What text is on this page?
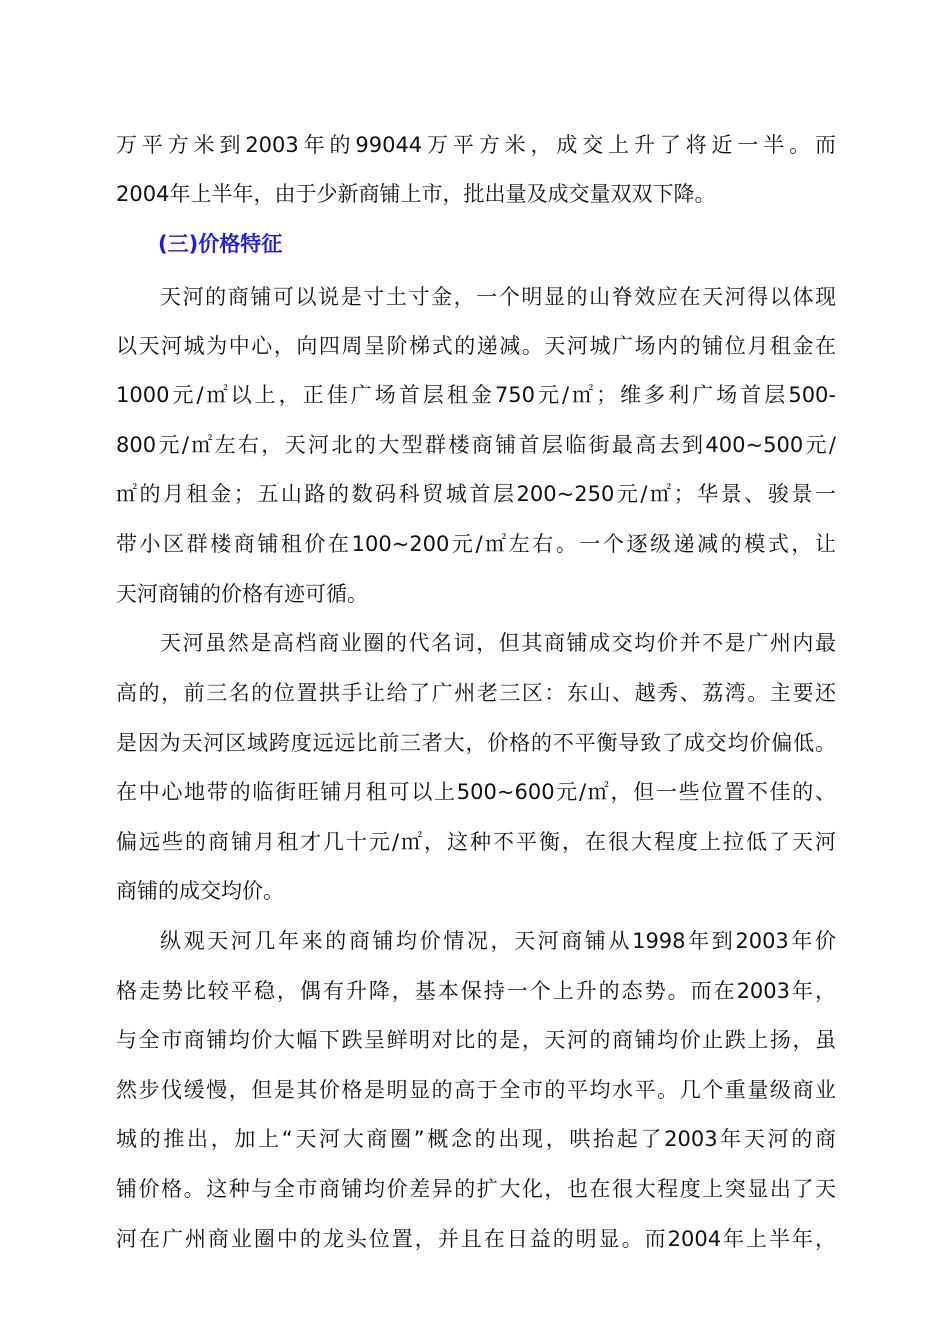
万平方米到2003年的99044万平方米，成交上升了将近一半。而
2004年上半年，由于少新商铺上市，批出量及成交量双双下降。
(三)价格特征
天河的商铺可以说是寸土寸金，一个明显的山脊效应在天河得以体现
以天河城为中心，向四周呈阶梯式的递减。天河城广场内的铺位月租金在
1000元/㎡以上，正佳广场首层租金750元/㎡；维多利广场首层500-
800元/㎡左右，天河北的大型群楼商铺首层临街最高去到400~500元/
㎡的月租金；五山路的数码科贸城首层200~250元/㎡；华景、骏景一
带小区群楼商铺租价在100~200元/㎡左右。一个逐级递减的模式，让
天河商铺的价格有迹可循。
天河虽然是高档商业圈的代名词，但其商铺成交均价并不是广州内最
高的，前三名的位置拱手让给了广州老三区：东山、越秀、荔湾。主要还
是因为天河区域跨度远远比前三者大，价格的不平衡导致了成交均价偏低。
在中心地带的临街旺铺月租可以上500~600元/㎡，但一些位置不佳的、
偏远些的商铺月租才几十元/㎡，这种不平衡，在很大程度上拉低了天河
商铺的成交均价。
纵观天河几年来的商铺均价情况，天河商铺从1998年到2003年价
格走势比较平稳，偶有升降，基本保持一个上升的态势。而在2003年，
与全市商铺均价大幅下跌呈鲜明对比的是，天河的商铺均价止跌上扬，虽
然步伐缓慢，但是其价格是明显的高于全市的平均水平。几个重量级商业
城的推出，加上“天河大商圈”概念的出现，哄抬起了2003年天河的商
铺价格。这种与全市商铺均价差异的扩大化，也在很大程度上突显出了天
河在广州商业圈中的龙头位置，并且在日益的明显。而2004年上半年，
